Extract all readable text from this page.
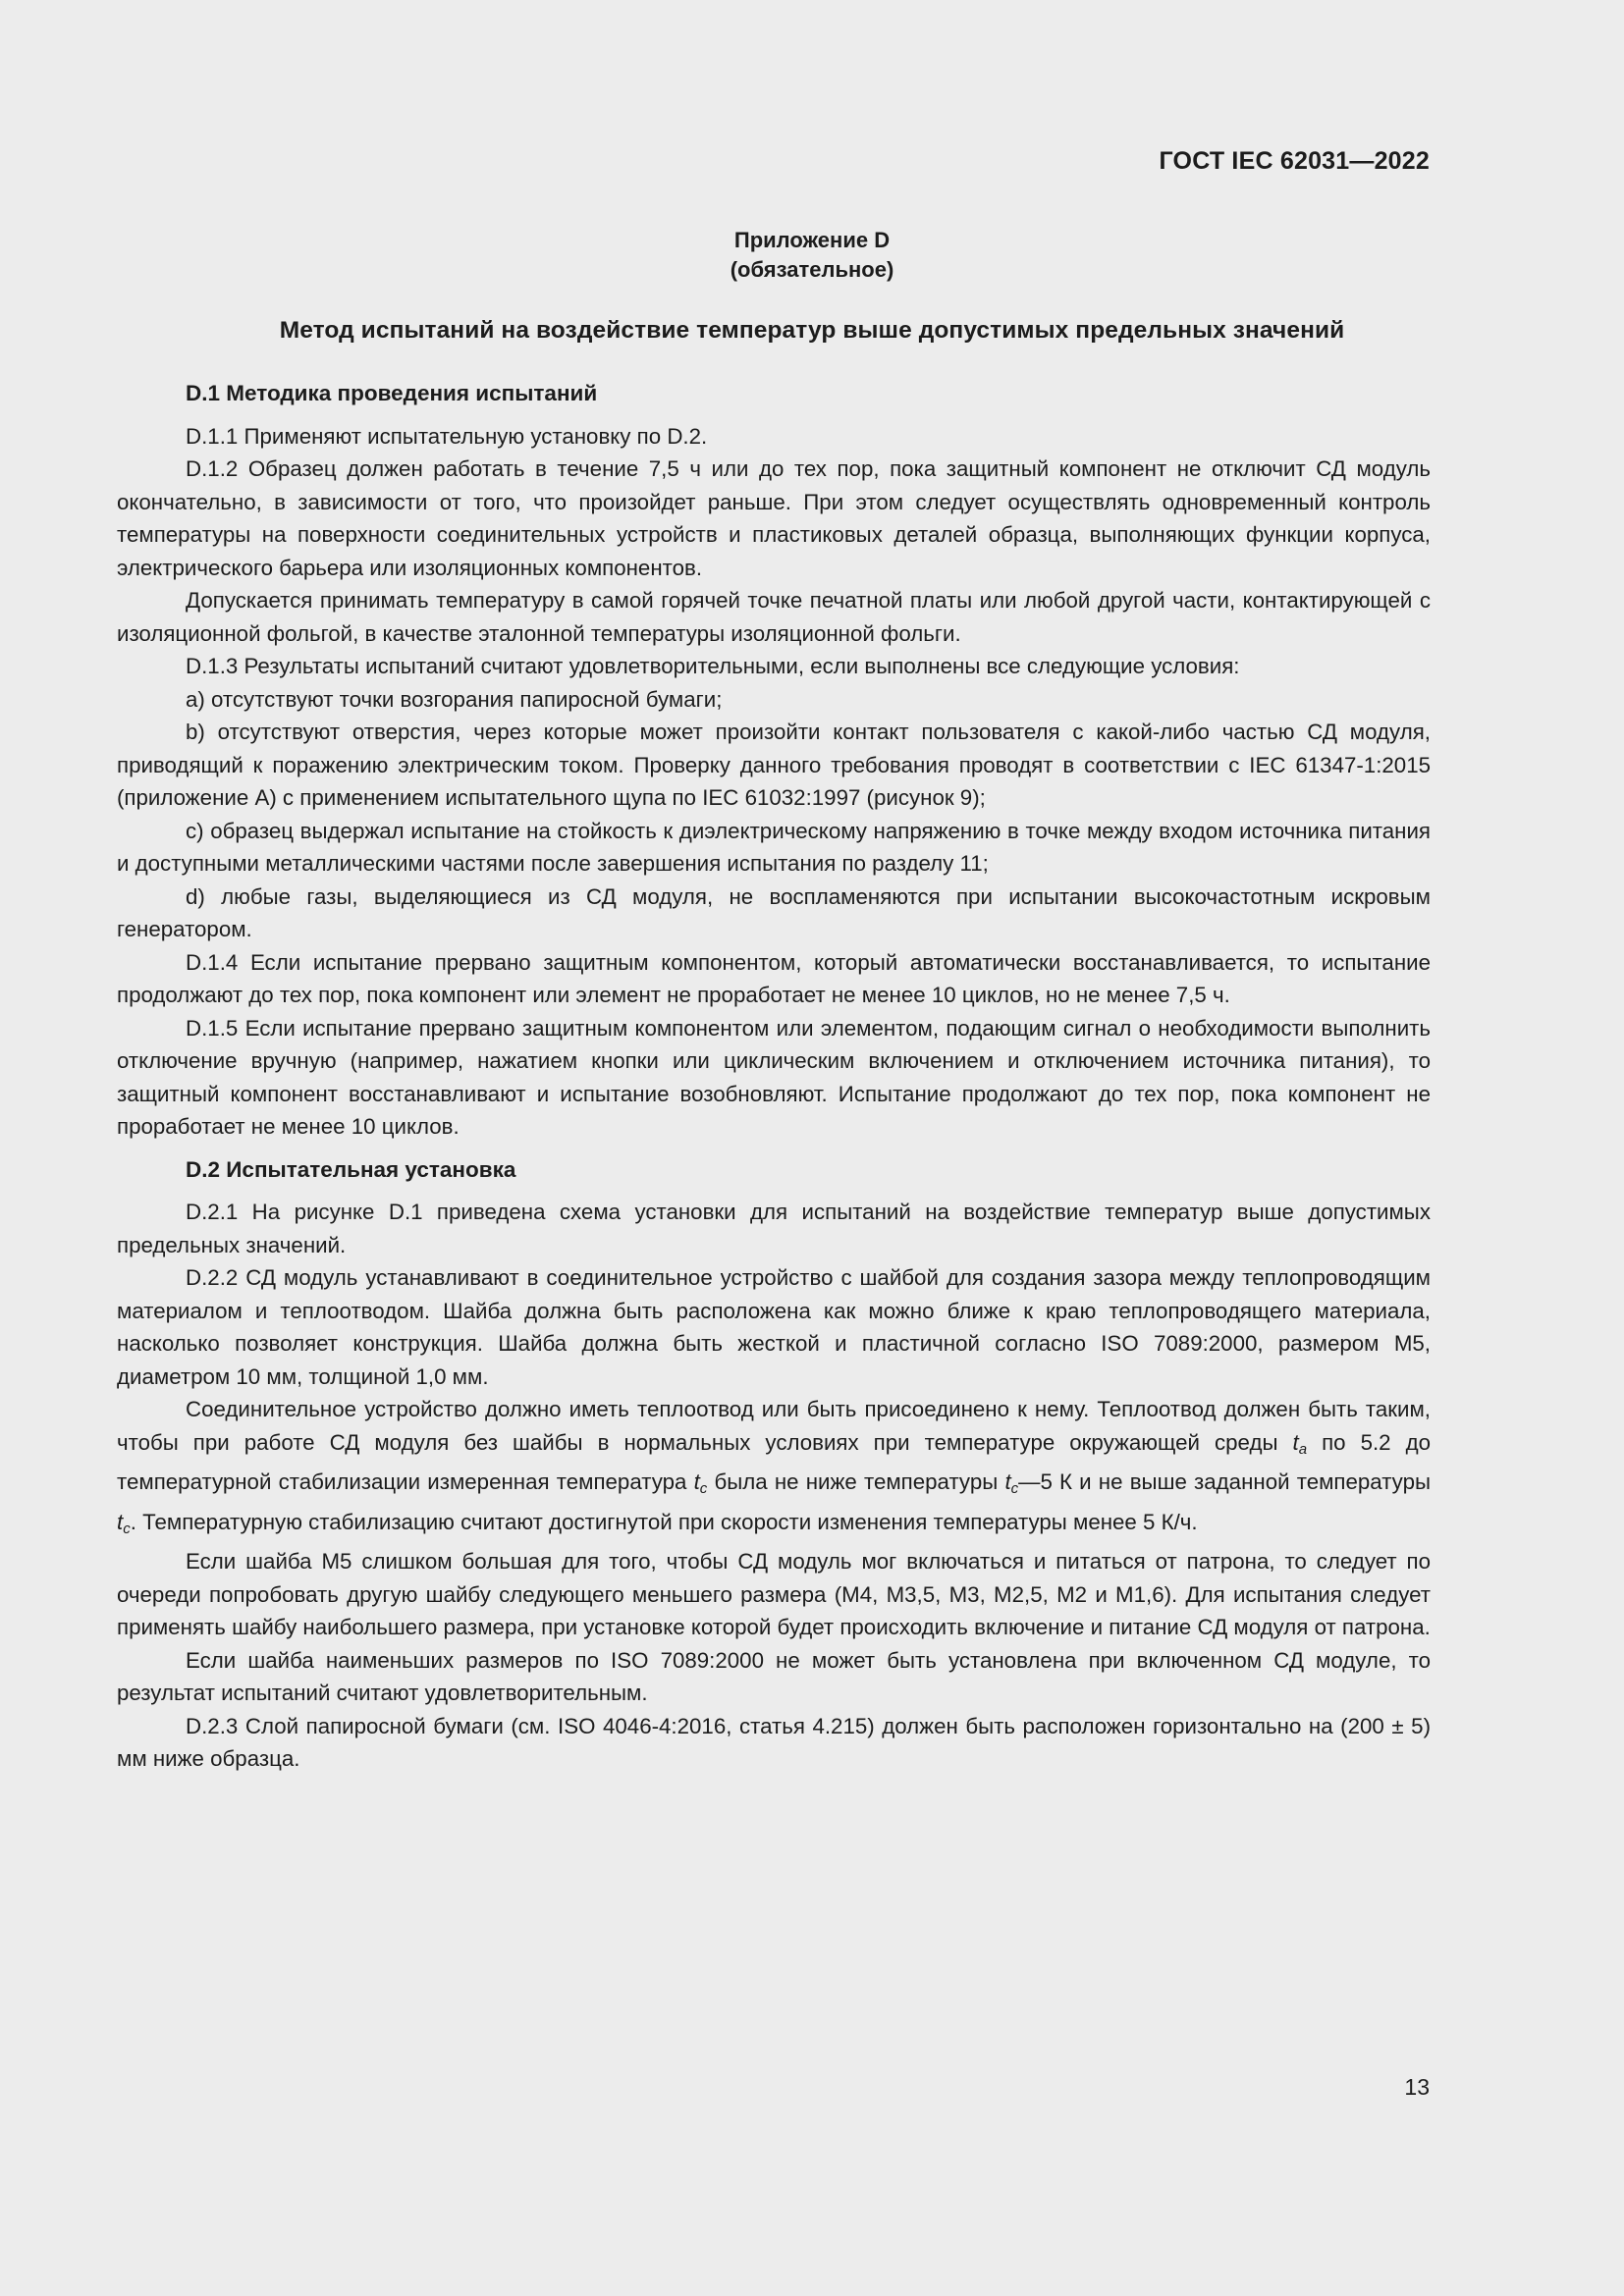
ГОСТ IEC 62031—2022
Приложение D
(обязательное)
Метод испытаний на воздействие температур выше допустимых предельных значений
D.1 Методика проведения испытаний

D.1.1 Применяют испытательную установку по D.2.

D.1.2 Образец должен работать в течение 7,5 ч или до тех пор, пока защитный компонент не отключит СД модуль окончательно, в зависимости от того, что произойдет раньше. При этом следует осуществлять одновременный контроль температуры на поверхности соединительных устройств и пластиковых деталей образца, выполняющих функции корпуса, электрического барьера или изоляционных компонентов.

Допускается принимать температуру в самой горячей точке печатной платы или любой другой части, контактирующей с изоляционной фольгой, в качестве эталонной температуры изоляционной фольги.

D.1.3 Результаты испытаний считают удовлетворительными, если выполнены все следующие условия:

a) отсутствуют точки возгорания папиросной бумаги;

b) отсутствуют отверстия, через которые может произойти контакт пользователя с какой-либо частью СД модуля, приводящий к поражению электрическим током. Проверку данного требования проводят в соответствии с IEC 61347-1:2015 (приложение А) с применением испытательного щупа по IEC 61032:1997 (рисунок 9);

c) образец выдержал испытание на стойкость к диэлектрическому напряжению в точке между входом источника питания и доступными металлическими частями после завершения испытания по разделу 11;

d) любые газы, выделяющиеся из СД модуля, не воспламеняются при испытании высокочастотным искровым генератором.

D.1.4 Если испытание прервано защитным компонентом, который автоматически восстанавливается, то испытание продолжают до тех пор, пока компонент или элемент не проработает не менее 10 циклов, но не менее 7,5 ч.

D.1.5 Если испытание прервано защитным компонентом или элементом, подающим сигнал о необходимости выполнить отключение вручную (например, нажатием кнопки или циклическим включением и отключением источника питания), то защитный компонент восстанавливают и испытание возобновляют. Испытание продолжают до тех пор, пока компонент не проработает не менее 10 циклов.

D.2 Испытательная установка

D.2.1 На рисунке D.1 приведена схема установки для испытаний на воздействие температур выше допустимых предельных значений.

D.2.2 СД модуль устанавливают в соединительное устройство с шайбой для создания зазора между теплопроводящим материалом и теплоотводом. Шайба должна быть расположена как можно ближе к краю теплопроводящего материала, насколько позволяет конструкция. Шайба должна быть жесткой и пластичной согласно ISO 7089:2000, размером М5, диаметром 10 мм, толщиной 1,0 мм.

Соединительное устройство должно иметь теплоотвод или быть присоединено к нему. Теплоотвод должен быть таким, чтобы при работе СД модуля без шайбы в нормальных условиях при температуре окружающей среды $t_a$ по 5.2 до температурной стабилизации измеренная температура $t_c$ была не ниже температуры $t_c—5$ К и не выше заданной температуры $t_c$. Температурную стабилизацию считают достигнутой при скорости изменения температуры менее 5 К/ч.

Если шайба М5 слишком большая для того, чтобы СД модуль мог включаться и питаться от патрона, то следует по очереди попробовать другую шайбу следующего меньшего размера (М4, М3,5, М3, М2,5, М2 и М1,6). Для испытания следует применять шайбу наибольшего размера, при установке которой будет происходить включение и питание СД модуля от патрона.

Если шайба наименьших размеров по ISO 7089:2000 не может быть установлена при включенном СД модуле, то результат испытаний считают удовлетворительным.

D.2.3 Слой папиросной бумаги (см. ISO 4046-4:2016, статья 4.215) должен быть расположен горизонтально на (200 ± 5) мм ниже образца.

13
